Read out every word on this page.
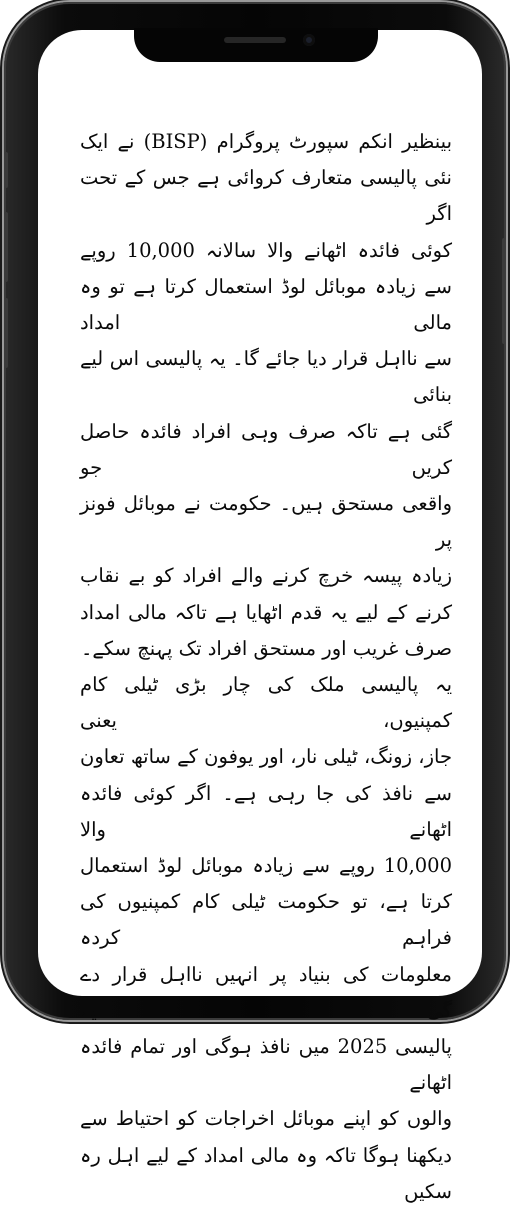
بینظیر انکم سپورٹ پروگرام (BISP) نے ایک
نئی پالیسی متعارف کروائی ہے جس کے تحت اگر
کوئی فائدہ اٹھانے والا سالانہ 10,000 روپے
سے زیادہ موبائل لوڈ استعمال کرتا ہے تو وہ مالی امداد
سے نااہل قرار دیا جائے گا۔ یہ پالیسی اس لیے بنائی
گئی ہے تاکہ صرف وہی افراد فائدہ حاصل کریں جو
واقعی مستحق ہیں۔ حکومت نے موبائل فونز پر
زیادہ پیسہ خرچ کرنے والے افراد کو بے نقاب
کرنے کے لیے یہ قدم اٹھایا ہے تاکہ مالی امداد
صرف غریب اور مستحق افراد تک پہنچ سکے۔
یہ پالیسی ملک کی چار بڑی ٹیلی کام کمپنیوں، یعنی
جاز، زونگ، ٹیلی نار، اور یوفون کے ساتھ تعاون
سے نافذ کی جا رہی ہے۔ اگر کوئی فائدہ اٹھانے والا
10,000 روپے سے زیادہ موبائل لوڈ استعمال
کرتا ہے، تو حکومت ٹیلی کام کمپنیوں کی فراہم کردہ
معلومات کی بنیاد پر انہیں نااہل قرار دے گی۔ یہ
پالیسی 2025 میں نافذ ہوگی اور تمام فائدہ اٹھانے
والوں کو اپنے موبائل اخراجات کو احتیاط سے
دیکھنا ہوگا تاکہ وہ مالی امداد کے لیے اہل رہ سکیں
